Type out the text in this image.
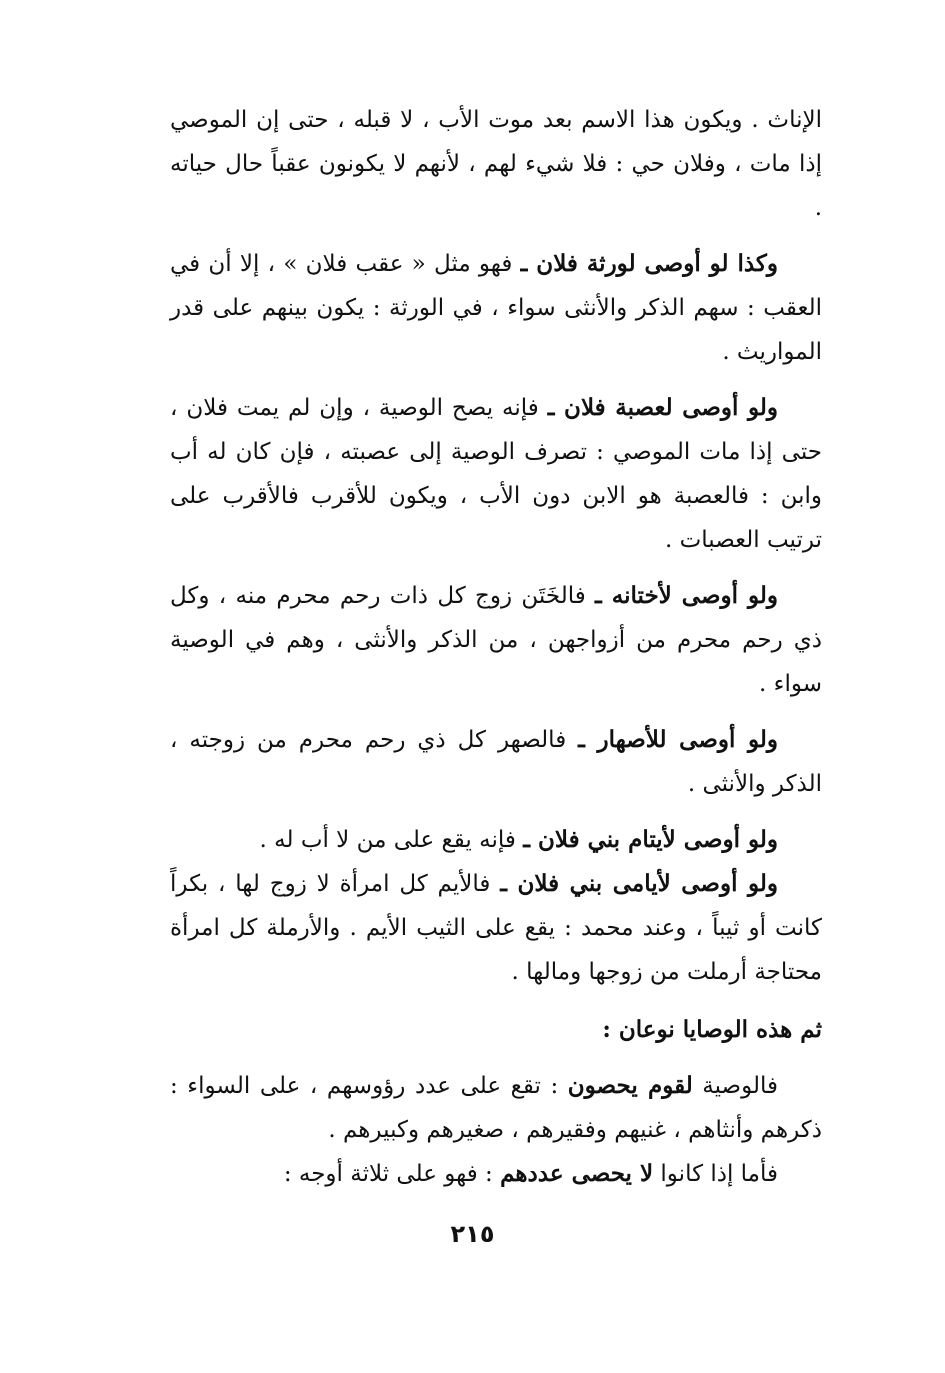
الإناث . ويكون هذا الاسم بعد موت الأب ، لا قبله ، حتى إن الموصي إذا مات ، وفلان حي : فلا شيء لهم ، لأنهم لا يكونون عقباً حال حياته .

وكذا لو أوصى لورثة فلان ـ فهو مثل « عقب فلان » ، إلا أن في العقب : سهم الذكر والأنثى سواء ، في الورثة : يكون بينهم على قدر المواريث .

ولو أوصى لعصبة فلان ـ فإنه يصح الوصية ، وإن لم يمت فلان ، حتى إذا مات الموصي : تصرف الوصية إلى عصبته ، فإن كان له أب وابن : فالعصبة هو الابن دون الأب ، ويكون للأقرب فالأقرب على ترتيب العصبات .

ولو أوصى لأختانه ـ فالخَتَن زوج كل ذات رحم محرم منه ، وكل ذي رحم محرم من أزواجهن ، من الذكر والأنثى ، وهم في الوصية سواء .

ولو أوصى للأصهار ـ فالصهر كل ذي رحم محرم من زوجته ، الذكر والأنثى .

ولو أوصى لأيتام بني فلان ـ فإنه يقع على من لا أب له .

ولو أوصى لأيامى بني فلان ـ فالأيم كل امرأة لا زوج لها ، بكراً كانت أو ثيباً ، وعند محمد : يقع على الثيب الأيم . والأرملة كل امرأة محتاجة أرملت من زوجها ومالها .

ثم هذه الوصايا نوعان :

فالوصية لقوم يحصون : تقع على عدد رؤوسهم ، على السواء : ذكرهم وأنثاهم ، غنيهم وفقيرهم ، صغيرهم وكبيرهم .

فأما إذا كانوا لا يحصى عددهم : فهو على ثلاثة أوجه :

٢١٥
